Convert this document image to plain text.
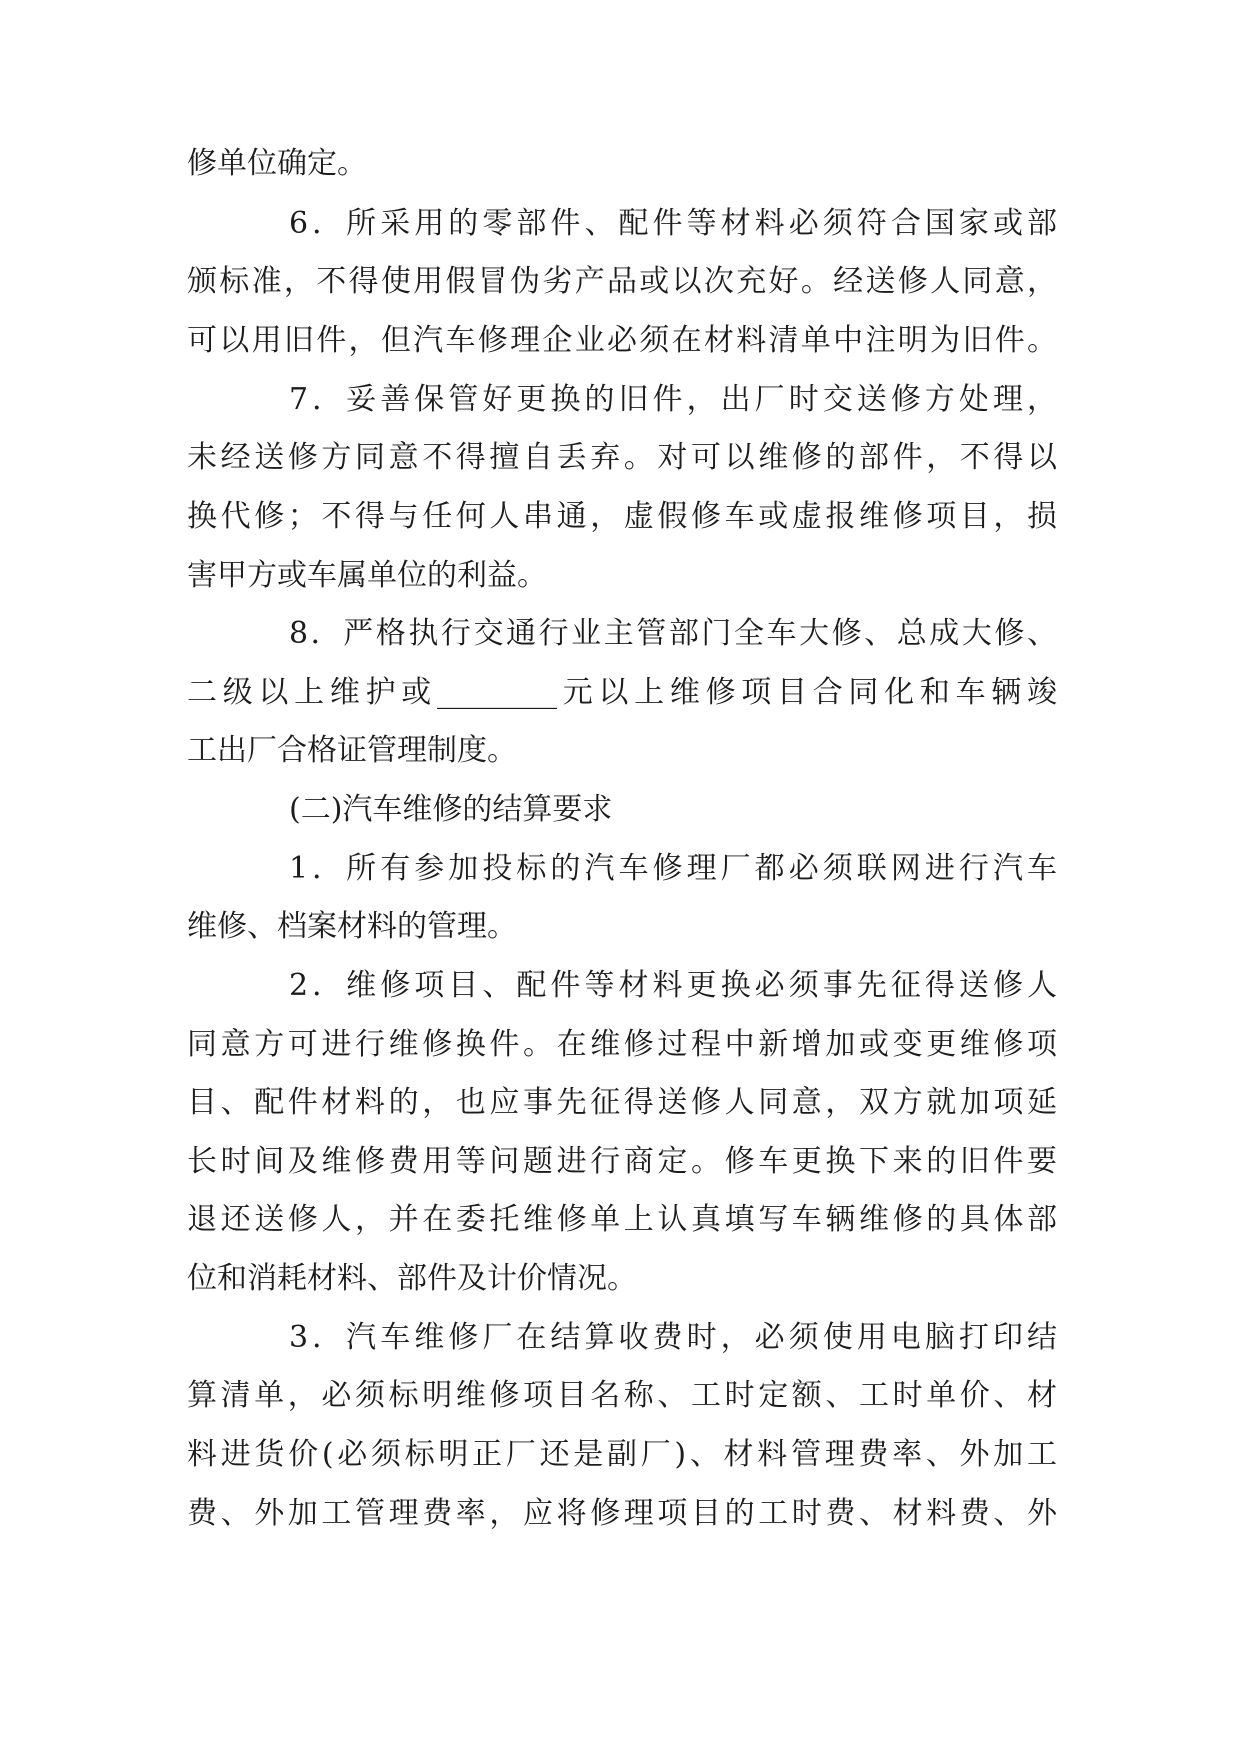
修单位确定。
6．所采用的零部件、配件等材料必须符合国家或部
颁标准，不得使用假冒伪劣产品或以次充好。经送修人同意，
可以用旧件，但汽车修理企业必须在材料清单中注明为旧件。
7．妥善保管好更换的旧件，出厂时交送修方处理，
未经送修方同意不得擅自丢弃。对可以维修的部件，不得以
换代修；不得与任何人串通，虚假修车或虚报维修项目，损
害甲方或车属单位的利益。
8．严格执行交通行业主管部门全车大修、总成大修、
二级以上维护或________元以上维修项目合同化和车辆竣
工出厂合格证管理制度。
(二)汽车维修的结算要求
1．所有参加投标的汽车修理厂都必须联网进行汽车
维修、档案材料的管理。
2．维修项目、配件等材料更换必须事先征得送修人
同意方可进行维修换件。在维修过程中新增加或变更维修项
目、配件材料的，也应事先征得送修人同意，双方就加项延
长时间及维修费用等问题进行商定。修车更换下来的旧件要
退还送修人，并在委托维修单上认真填写车辆维修的具体部
位和消耗材料、部件及计价情况。
3．汽车维修厂在结算收费时，必须使用电脑打印结
算清单，必须标明维修项目名称、工时定额、工时单价、材
料进货价(必须标明正厂还是副厂)、材料管理费率、外加工
费、外加工管理费率，应将修理项目的工时费、材料费、外
